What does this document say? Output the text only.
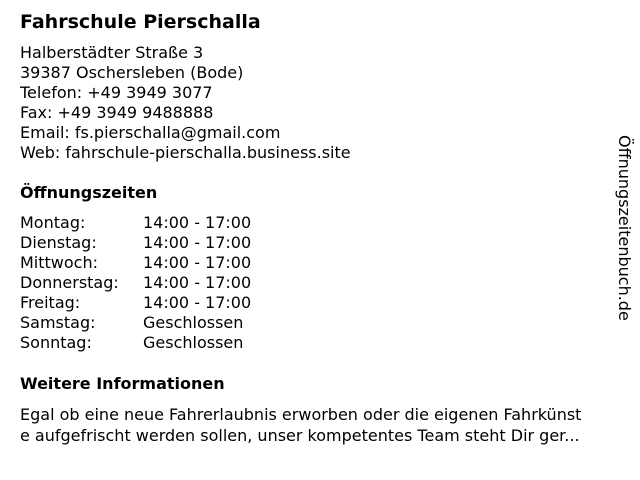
Fahrschule Pierschalla
Halberstädter Straße 3
39387 Oschersleben (Bode)
Telefon: +49 3949 3077
Fax: +49 3949 9488888
Email: fs.pierschalla@gmail.com
Web: fahrschule-pierschalla.business.site
Öffnungszeiten
Montag:	14:00 - 17:00
Dienstag:	14:00 - 17:00
Mittwoch:	14:00 - 17:00
Donnerstag:	14:00 - 17:00
Freitag:	14:00 - 17:00
Samstag:	Geschlossen
Sonntag:	Geschlossen
Weitere Informationen
Egal ob eine neue Fahrerlaubnis erworben oder die eigenen Fahrkünst
e aufgefrischt werden sollen, unser kompetentes Team steht Dir ger...
Öffnungszeitenbuch.de
